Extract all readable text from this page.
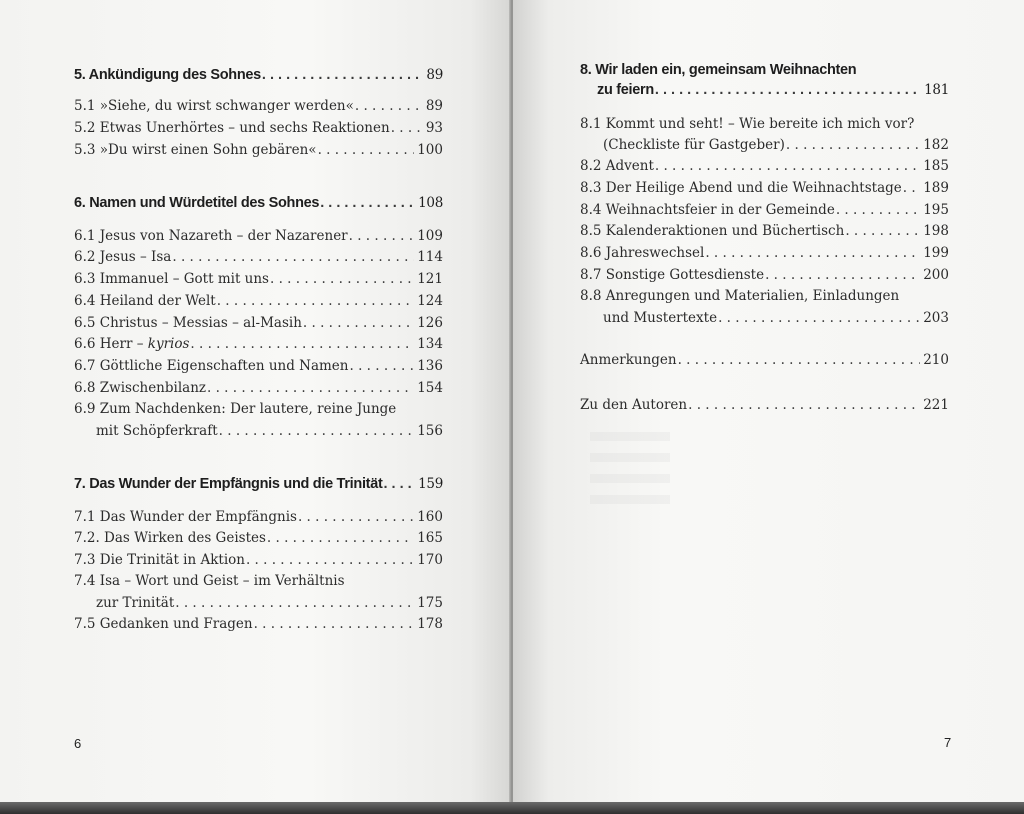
5. Ankündigung des Sohnes . . .	89
5.1 »Siehe, du wirst schwanger werden« . . .	89
5.2 Etwas Unerhörtes – und sechs Reaktionen . . .	93
5.3 »Du wirst einen Sohn gebären« . . .	100
6. Namen und Würdetitel des Sohnes . . .	108
6.1 Jesus von Nazareth – der Nazarener . . .	109
6.2 Jesus – Isa . . .	114
6.3 Immanuel – Gott mit uns . . .	121
6.4 Heiland der Welt . . .	124
6.5 Christus – Messias – al-Masih . . .	126
6.6 Herr – kyrios . . .	134
6.7 Göttliche Eigenschaften und Namen . . .	136
6.8 Zwischenbilanz . . .	154
6.9 Zum Nachdenken: Der lautere, reine Junge
mit Schöpferkraft . . .	156
7. Das Wunder der Empfängnis und die Trinität . . .	159
7.1 Das Wunder der Empfängnis . . .	160
7.2. Das Wirken des Geistes . . .	165
7.3 Die Trinität in Aktion . . .	170
7.4 Isa – Wort und Geist – im Verhältnis
zur Trinität . . .	175
7.5 Gedanken und Fragen . . .	178
6
8. Wir laden ein, gemeinsam Weihnachten
zu feiern . . .	181
8.1 Kommt und seht! – Wie bereite ich mich vor?
(Checkliste für Gastgeber) . . .	182
8.2 Advent . . .	185
8.3 Der Heilige Abend und die Weihnachtstage . . . 189
8.4 Weihnachtsfeier in der Gemeinde . . .	195
8.5 Kalenderaktionen und Büchertisch . . .	198
8.6 Jahreswechsel . . .	199
8.7 Sonstige Gottesdienste . . .	200
8.8 Anregungen und Materialien, Einladungen
und Mustertexte . . .	203
Anmerkungen . . .	210
Zu den Autoren . . .	221
7
